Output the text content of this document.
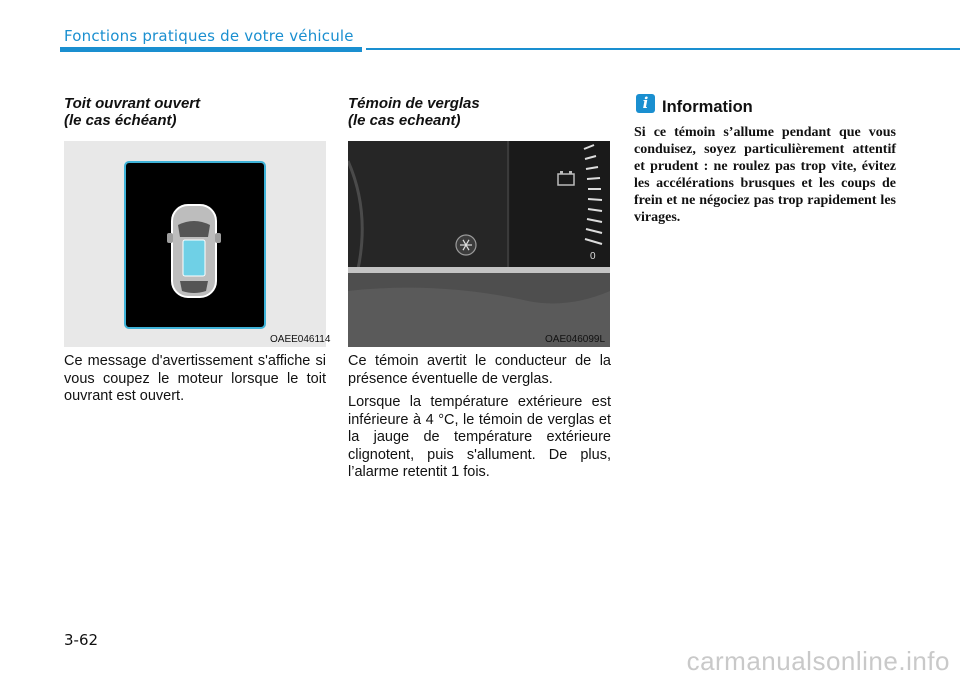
Fonctions pratiques de votre véhicule
Toit ouvrant ouvert
(le cas échéant)
OAEE046114

Ce message d'avertissement s'affiche si vous coupez le moteur lorsque le toit ouvrant est ouvert.

Témoin de verglas
(le cas echeant)
0
OAE046099L

Ce témoin avertit le conducteur de la présence éventuelle de verglas.

Lorsque la température extérieure est inférieure à 4 °C, le témoin de verglas et la jauge de température extérieure clignotent, puis s'allument. De plus, l’alarme retentit 1 fois.

i Information
Si ce témoin s’allume pendant que vous conduisez, soyez particulièrement attentif et prudent : ne roulez pas trop vite, évitez les accélérations brusques et les coups de frein et ne négociez pas trop rapidement les virages.
3-62
carmanualsonline.info
